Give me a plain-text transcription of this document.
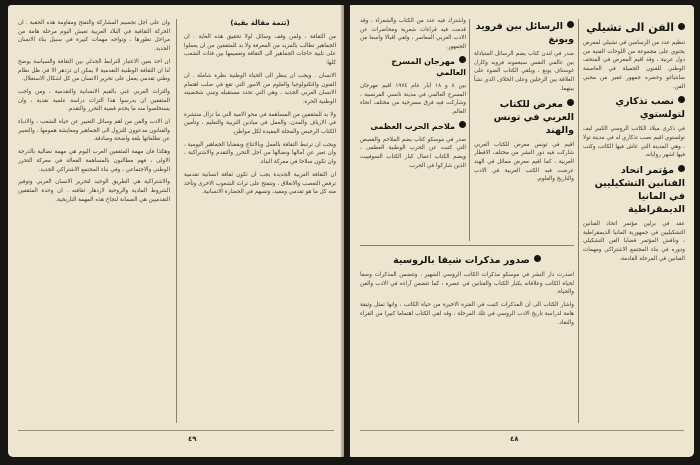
(تتمة مقالة بقية)

من الثقافة ، ولمن وقف وسائل لولا تحقيق هذه الغاية . ان الجماهير تطالب بالمزيد من المعرفة ولا بد للمثقفين من ان يعملوا على تلبية حاجات الجماهير الى الثقافة وتعميمها بين فئات الشعب كلها.

الانسان . ويجب ان ينظر الى الحياة الوطنية نظرة شاملة . ان الفنون والتكنولوجيا والعلوم من الامور التي تقع في صلب اهتمام الانسان العربي الجديد ، وهي التي تحدد مستقبله وتبني شخصيته الوطنية الحرة.

ولا بد للمثقفين من المساهمة في محو الامية التي ما تزال منتشرة في الارياف والمدن، والعمل في ميادين التربية والتعليم ، وتأمين الكتاب الرخيص والمجلة المفيدة لكل مواطن.

ويجب ان ترتبط الثقافة بالعمل وبالانتاج وبقضايا الجماهير اليومية ، وان تعبر عن آمالها ونضالها من اجل التحرر والتقدم والاشتراكية ، وان تكون سلاحا في معركة البناء.

ان الثقافة العربية الجديدة يجب ان تكون ثقافة انسانية تقدمية ترفض التعصب والانغلاق ، وتنفتح على تراث الشعوب الاخرى وتأخذ منه كل ما هو تقدمي ومفيد، وتسهم في الحضارة الانسانية.

وان على اجل تجسيم المشاركة والتفتح ومقاومة هذه الحقبة . ان الحركة الثقافية في البلاد العربية تعيش اليوم مرحلة هامة من مراحل تطورها ، وتواجه مهمات كبيرة في سبيل بناء الانسان الجديد.

ان اخذ بعين الاعتبار الترابط الجدلي بين الثقافة والسياسة يوضح لنا ان الثقافة الوطنية التقدمية لا يمكن ان تزدهر الا في ظل نظام وطني تقدمي يعمل على تحرير الانسان من كل اشكال الاستغلال.

والتراث العربي غني بالقيم الانسانية والتقدمية ، ومن واجب المثقفين ان يدرسوا هذا التراث دراسة علمية نقدية ، وان يستخلصوا منه ما يخدم قضية التحرر والتقدم.

ان الادب والفن من اهم وسائل التعبير عن حياة الشعب ، والادباء والفنانون مدعوون للنزول الى الجماهير ومعايشة همومها ، والتعبير عن تطلعاتها بلغة واضحة وصادقة.

وهكذا فان مهمة المثقفين العرب اليوم هي مهمة نضالية بالدرجة الاولى ، فهم مطالبون بالمساهمة الفعالة في معركة التحرر الوطني والاجتماعي ، وفي بناء المجتمع الاشتراكي الجديد.

والاشتراكية هي الطريق الوحيد لتحرير الانسان العربي وتوفير الشروط المادية والروحية لازدهار ثقافته . ان وحدة المثقفين التقدميين هي الضمانة لنجاح هذه المهمة التاريخية.

٤٩
الفن الى تشيلي

تنظيم عدد من الرسامين في تشيلي لمعرض يحتوي على مجموعة من اللوحات الفنية من دول عربية ، وقد اقيم المعرض في المتحف الوطني للفنون الجميلة في العاصمة سانتياغو وحضره جمهور غفير من محبي الفن.

نصب تذكاري لتولستوي

في ذكرى ميلاد الكاتب الروسي الكبير ليف تولستوي اقيم نصب تذكاري له في مدينة تولا ، وهي المدينة التي عاش فيها الكاتب وكتب فيها اشهر رواياته.

مؤتمر اتحاد الفنانين التشكيليين في المانيا الديمقراطية

عقد في برلين مؤتمر اتحاد الفنانين التشكيليين في جمهورية المانيا الديمقراطية ، وناقش المؤتمر قضايا الفن التشكيلي ودوره في بناء المجتمع الاشتراكي ومهمات الفنانين في المرحلة القادمة.

الرسائل بين فرويد ويونغ

صدر في لندن كتاب يضم الرسائل المتبادلة بين عالمي النفس سيغموند فرويد وكارل غوستاف يونغ ، ويلقي الكتاب الضوء على العلاقة بين الرجلين وعلى الخلاف الذي نشأ بينهما.

معرض للكتاب العربي في تونس والهند

اقيم في تونس معرض للكتاب العربي شاركت فيه دور النشر من مختلف الاقطار العربية ، كما اقيم معرض مماثل في الهند عرضت فيه الكتب العربية في الادب والتاريخ والعلوم.

واشترك فيه عدد من الكتاب والشعراء ، وقد قدمت فيه قراءات شعرية ومحاضرات عن الادب العربي المعاصر ، ولقي اقبالا واسعا من الجمهور.

مهرجان المسرح العالمي

بين ٨ و ١٨ ايار عام ١٩٧٤ اقيم مهرجان المسرح العالمي في مدينة نانسي الفرنسية ، وشاركت فيه فرق مسرحية من مختلف انحاء العالم.

ملاحم الحرب العظمى

صدر في موسكو كتاب يضم الملاحم والقصص التي كتبت عن الحرب الوطنية العظمى ، ويضم الكتاب اعمال كبار الكتاب السوفييت الذين شاركوا في الحرب.

صدور مذكرات شيقا بالروسية

اصدرت دار النشر في موسكو مذكرات الكاتب الروسي الشهير ، وتتضمن المذكرات وصفا لحياة الكاتب وعلاقاته بكبار الكتاب والفنانين في عصره ، كما تتضمن آراءه في الادب والفن والحياة.

واشار الكتاب الى ان المذكرات كتبت في الفترة الاخيرة من حياة الكاتب ، وانها تمثل وثيقة هامة لدراسة تاريخ الادب الروسي في تلك المرحلة ، وقد لقي الكتاب اهتماما كبيرا من القراء والنقاد.

٤٨
